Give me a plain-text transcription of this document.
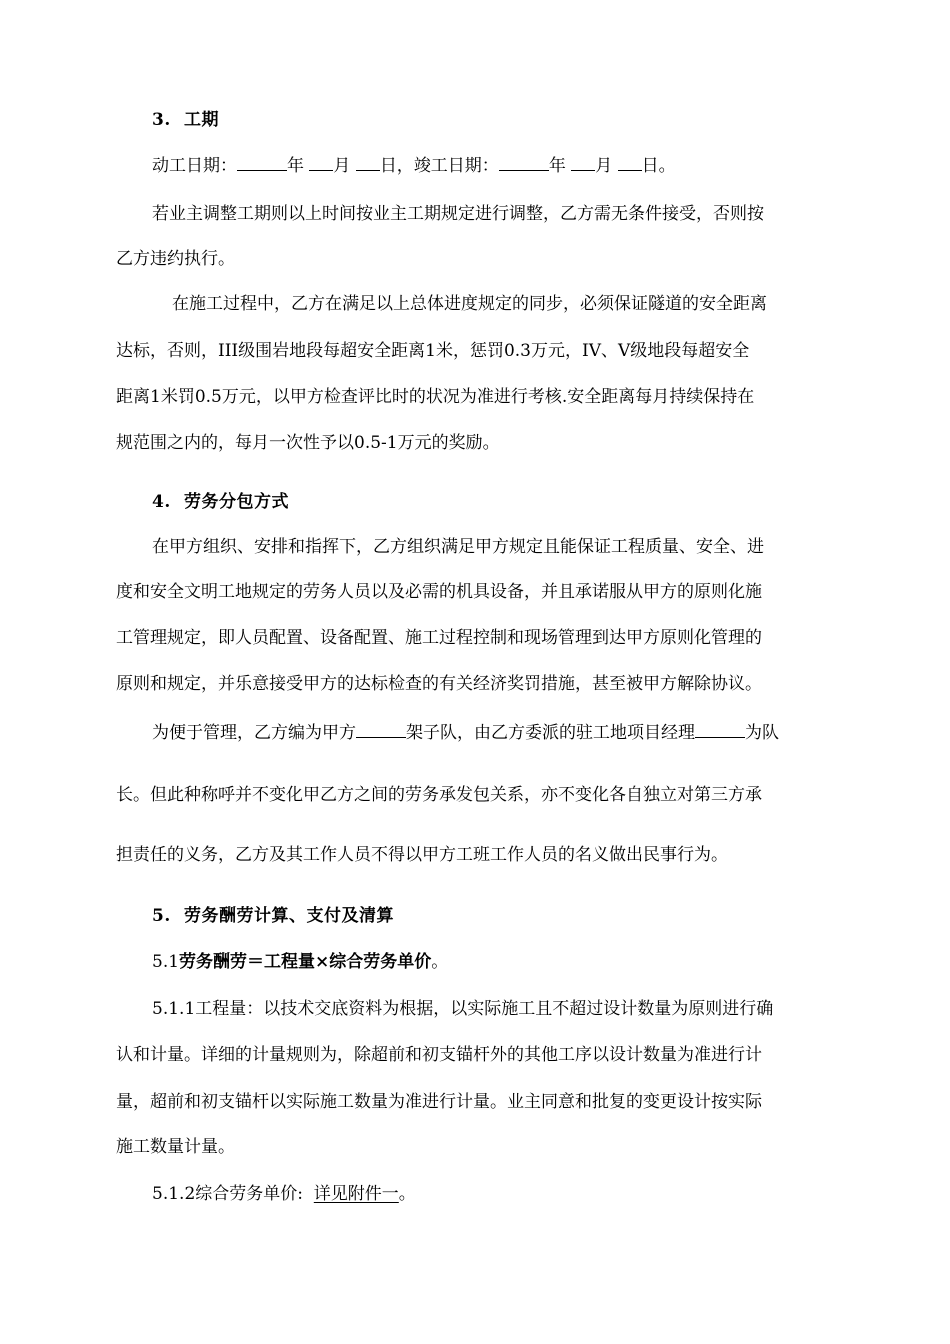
3. 工期
动工日期：	年 月 日，竣工日期：	年 月 日。
若业主调整工期则以上时间按业主工期规定进行调整，乙方需无条件接受，否则按
乙方违约执行。
在施工过程中，乙方在满足以上总体进度规定的同步，必须保证隧道的安全距离
达标，否则，III级围岩地段每超安全距离1米，惩罚0.3万元，IV、V级地段每超安全
距离1米罚0.5万元，以甲方检查评比时的状况为准进行考核.安全距离每月持续保持在
规范围之内的，每月一次性予以0.5-1万元的奖励。
4. 劳务分包方式
在甲方组织、安排和指挥下，乙方组织满足甲方规定且能保证工程质量、安全、进
度和安全文明工地规定的劳务人员以及必需的机具设备，并且承诺服从甲方的原则化施
工管理规定，即人员配置、设备配置、施工过程控制和现场管理到达甲方原则化管理的
原则和规定，并乐意接受甲方的达标检查的有关经济奖罚措施，甚至被甲方解除协议。
为便于管理，乙方编为甲方	架子队，由乙方委派的驻工地项目经理	为队
长。但此种称呼并不变化甲乙方之间的劳务承发包关系，亦不变化各自独立对第三方承
担责任的义务，乙方及其工作人员不得以甲方工班工作人员的名义做出民事行为。
5. 劳务酬劳计算、支付及清算
5.1劳务酬劳＝工程量×综合劳务单价。
5.1.1工程量：以技术交底资料为根据，以实际施工且不超过设计数量为原则进行确
认和计量。详细的计量规则为，除超前和初支锚杆外的其他工序以设计数量为准进行计
量，超前和初支锚杆以实际施工数量为准进行计量。业主同意和批复的变更设计按实际
施工数量计量。
5.1.2综合劳务单价: 详见附件一。
